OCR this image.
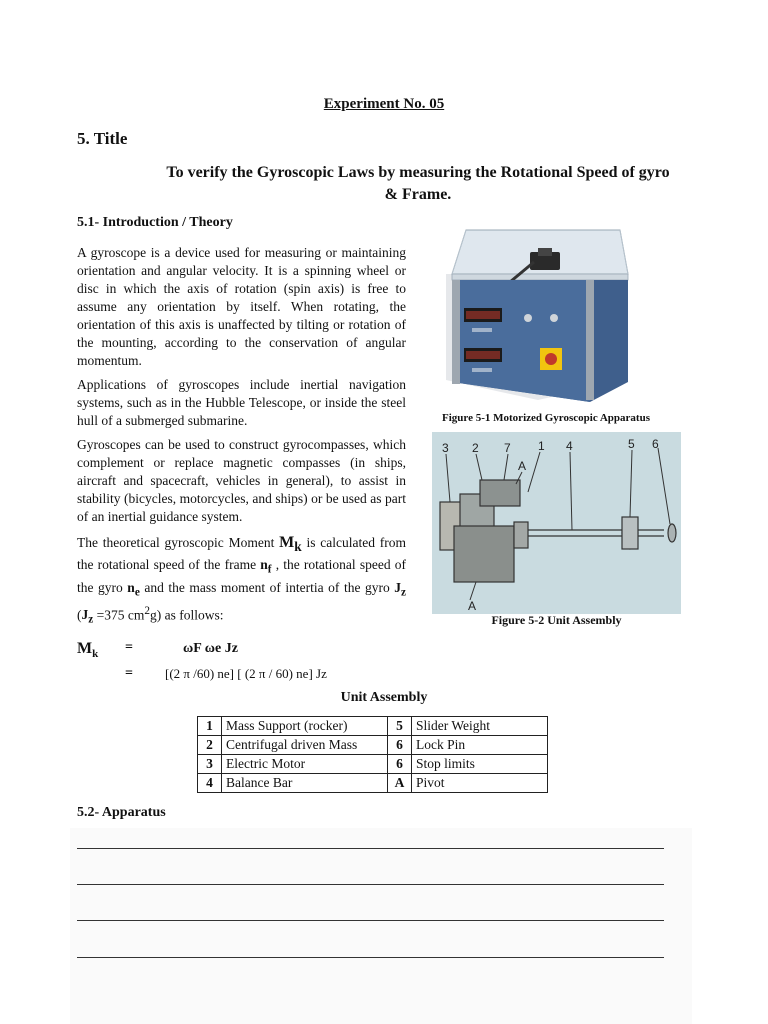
Experiment No. 05
5. Title
To verify the Gyroscopic Laws by measuring the Rotational Speed of gyro
& Frame.
5.1- Introduction / Theory
A gyroscope is a device used for measuring or maintaining orientation and angular velocity. It is a spinning wheel or disc in which the axis of rotation (spin axis) is free to assume any orientation by itself. When rotating, the orientation of this axis is unaffected by tilting or rotation of the mounting, according to the conservation of angular momentum.
Applications of gyroscopes include inertial navigation systems, such as in the Hubble Telescope, or inside the steel hull of a submerged submarine.
Gyroscopes can be used to construct gyrocompasses, which complement or replace magnetic compasses (in ships, aircraft and spacecraft, vehicles in general), to assist in stability (bicycles, motorcycles, and ships) or be used as part of an inertial guidance system.
The theoretical gyroscopic Moment $M_k$ is calculated from the rotational speed of the frame $n_f$ , the rotational speed of the gyro $n_e$ and the mass moment of intertia of the gyro $J_z$ ($J_z =375$ $cm^2g$) as follows:
Figure 5-1 Motorized Gyroscopic Apparatus
3 2 7
A
1 4	5 6
A
Figure 5-2 Unit Assembly
$M_k$ =	ωF ωe Jz
= [(2 π /60) ne] [ (2 π / 60) ne] Jz
Unit Assembly
1	Mass Support (rocker)	5	Slider Weight
2	Centrifugal driven Mass	6	Lock Pin
3	Electric Motor	6	Stop limits
4	Balance Bar	A	Pivot
5.2- Apparatus
